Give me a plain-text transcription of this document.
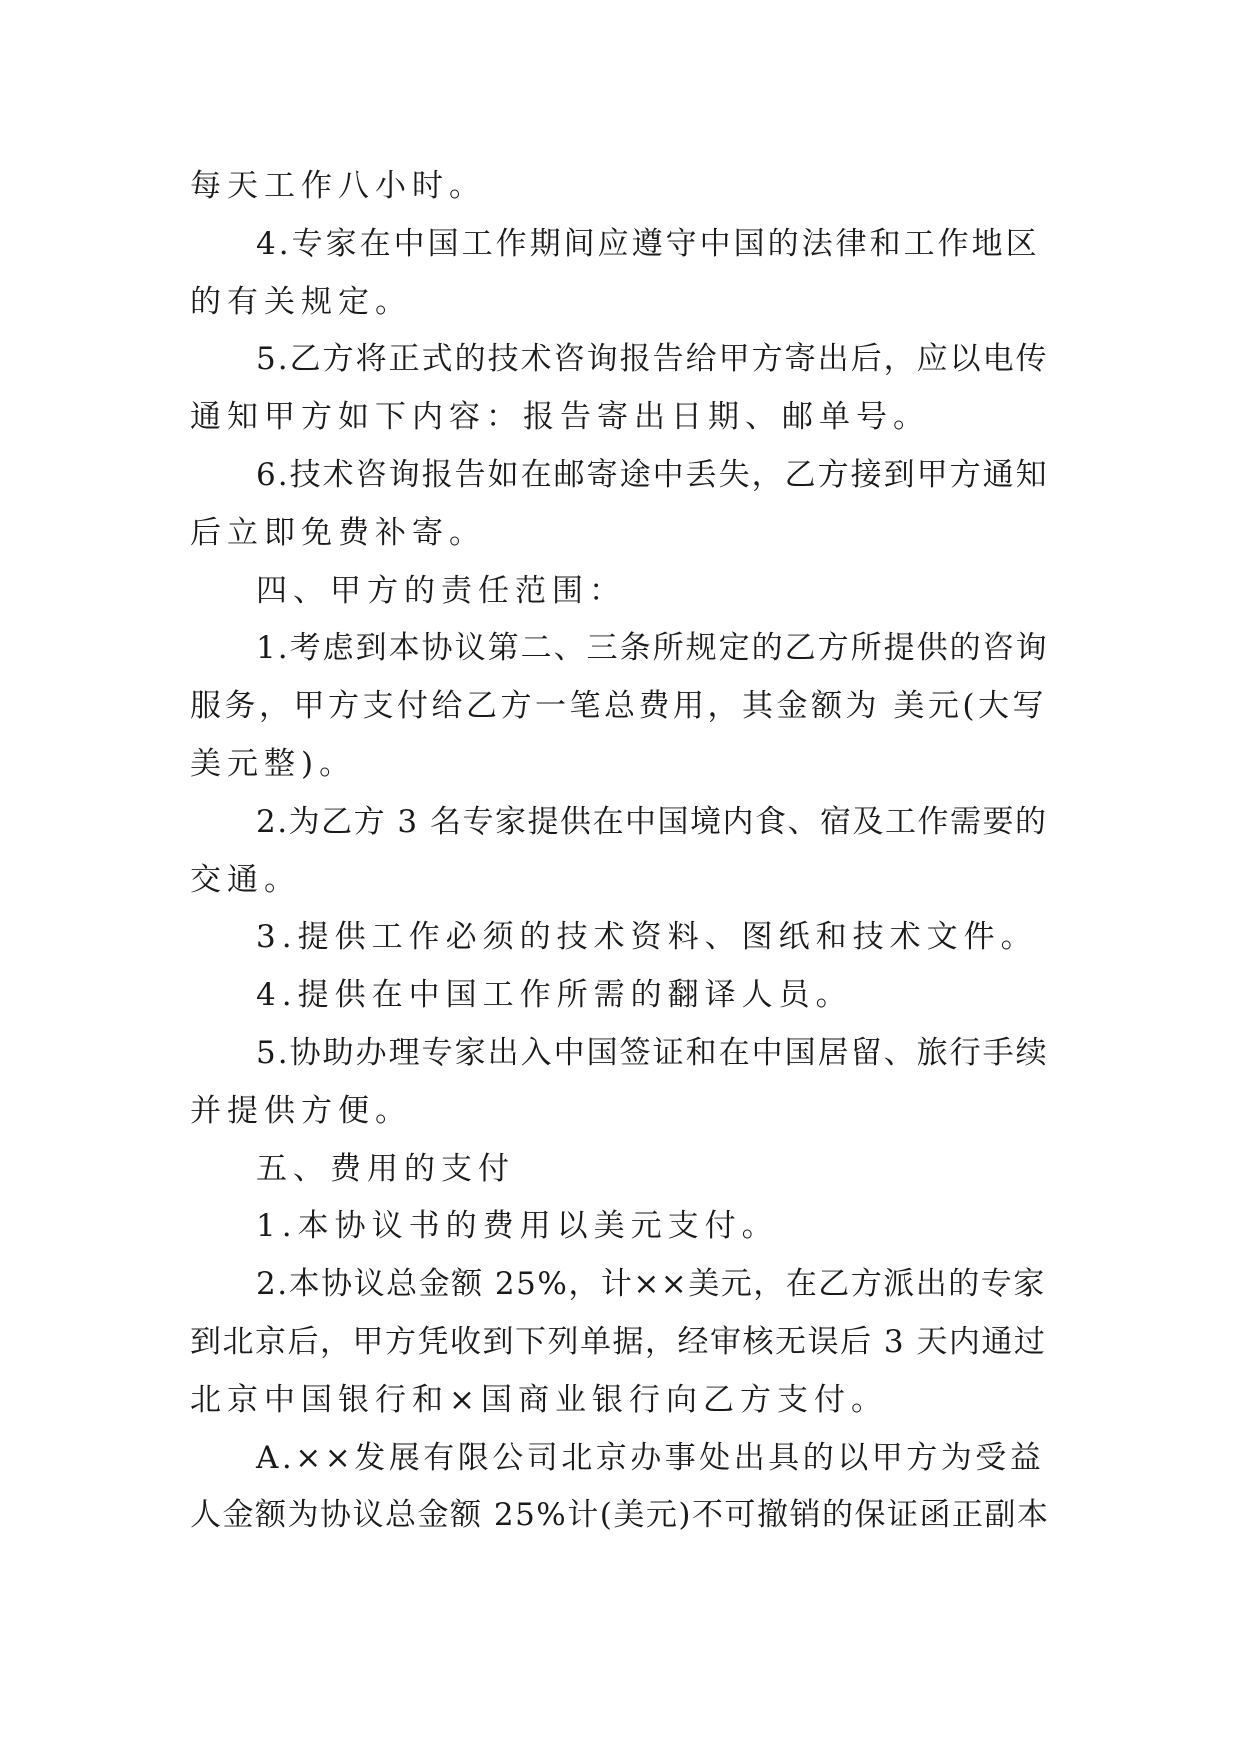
每天工作八小时。
4.专家在中国工作期间应遵守中国的法律和工作地区
的有关规定。
5.乙方将正式的技术咨询报告给甲方寄出后，应以电传
通知甲方如下内容：报告寄出日期、邮单号。
6.技术咨询报告如在邮寄途中丢失，乙方接到甲方通知
后立即免费补寄。
四、甲方的责任范围：
1.考虑到本协议第二、三条所规定的乙方所提供的咨询
服务，甲方支付给乙方一笔总费用，其金额为 美元(大写
美元整)。
2.为乙方 3 名专家提供在中国境内食、宿及工作需要的
交通。
3.提供工作必须的技术资料、图纸和技术文件。
4.提供在中国工作所需的翻译人员。
5.协助办理专家出入中国签证和在中国居留、旅行手续
并提供方便。
五、费用的支付
1.本协议书的费用以美元支付。
2.本协议总金额 25%，计××美元，在乙方派出的专家
到北京后，甲方凭收到下列单据，经审核无误后 3 天内通过
北京中国银行和×国商业银行向乙方支付。
A.××发展有限公司北京办事处出具的以甲方为受益
人金额为协议总金额 25%计(美元)不可撤销的保证函正副本
